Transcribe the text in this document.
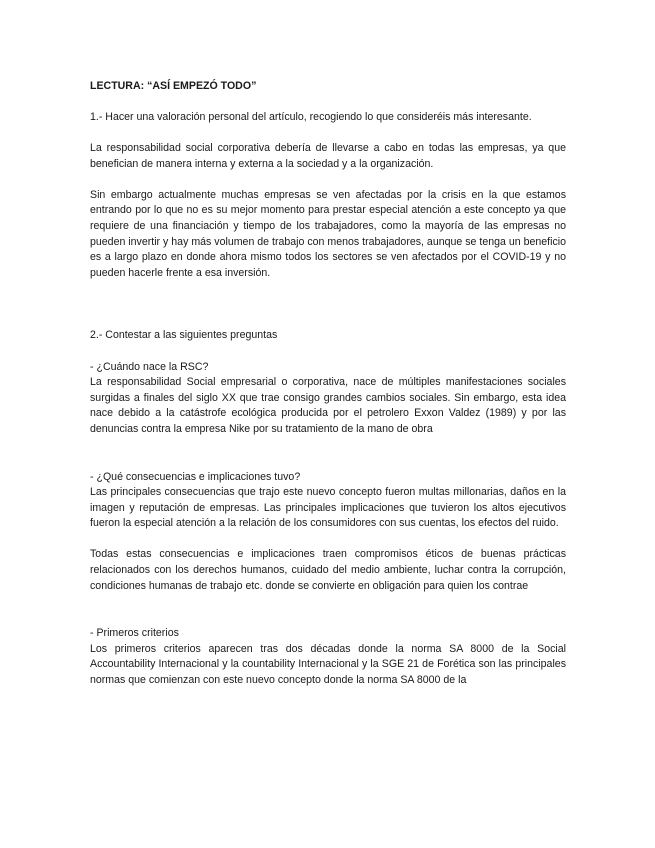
LECTURA: “ASÍ EMPEZÓ TODO”

1.- Hacer una valoración personal del artículo, recogiendo lo que consideréis más interesante.

La responsabilidad social corporativa debería de llevarse a cabo en todas las empresas, ya que benefician de manera interna y externa a la sociedad y a la organización.

Sin embargo actualmente muchas empresas se ven afectadas por la crisis en la que estamos entrando por lo que no es su mejor momento para prestar especial atención a este concepto ya que requiere de una financiación y tiempo de los trabajadores, como la mayoría de las empresas no pueden invertir y hay más volumen de trabajo con menos trabajadores, aunque se tenga un beneficio es a largo plazo en donde ahora mismo todos los sectores se ven afectados por el COVID-19 y no pueden hacerle frente a esa inversión.

2.- Contestar a las siguientes preguntas

- ¿Cuándo nace la RSC?

La responsabilidad Social empresarial o corporativa, nace de múltiples manifestaciones sociales surgidas a finales del siglo XX que trae consigo grandes cambios sociales. Sin embargo, esta idea nace debido a la catástrofe ecológica producida por el petrolero Exxon Valdez (1989) y por las denuncias contra la empresa Nike por su tratamiento de la mano de obra

- ¿Qué consecuencias e implicaciones tuvo?

Las principales consecuencias que trajo este nuevo concepto fueron multas millonarias, daños en la imagen y reputación de empresas. Las principales implicaciones que tuvieron los altos ejecutivos fueron la especial atención a la relación de los consumidores con sus cuentas, los efectos del ruido.

Todas estas consecuencias e implicaciones traen compromisos éticos de buenas prácticas relacionados con los derechos humanos, cuidado del medio ambiente, luchar contra la corrupción, condiciones humanas de trabajo etc. donde se convierte en obligación para quien los contrae

- Primeros criterios

Los primeros criterios aparecen tras dos décadas donde la norma SA 8000 de la Social Accountability Internacional y la countability Internacional y la SGE 21 de Forética son las principales normas que comienzan con este nuevo concepto donde la norma SA 8000 de la
